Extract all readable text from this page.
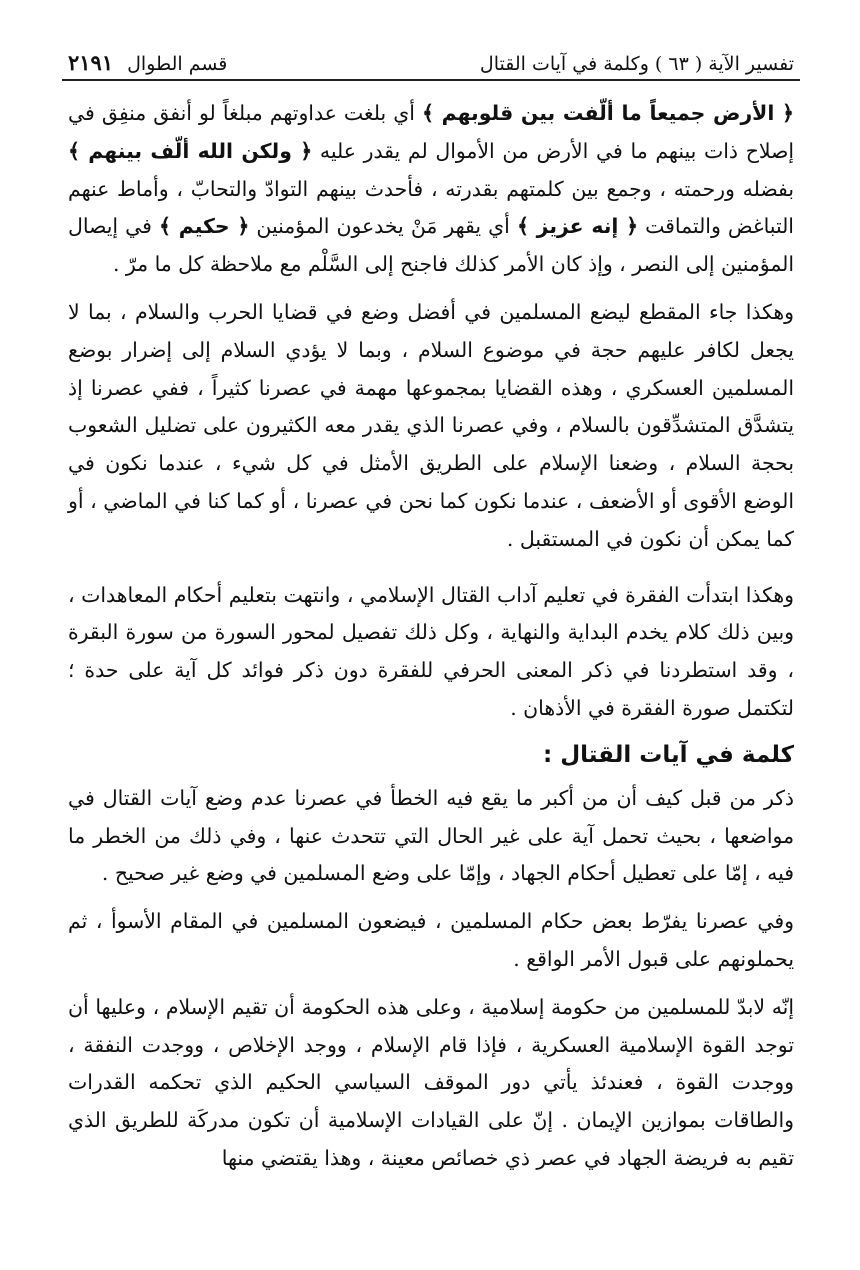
تفسير الآية ( ٦٣ ) وكلمة في آيات القتال
قسم الطوال
٢١٩١

﴿ الأرض جميعاً ما ألّفت بين قلوبهم ﴾ أي بلغت عداوتهم مبلغاً لو أنفق منفِق في إصلاح ذات بينهم ما في الأرض من الأموال لم يقدر عليه ﴿ ولكن الله ألّف بينهم ﴾ بفضله ورحمته ، وجمع بين كلمتهم بقدرته ، فأحدث بينهم التوادّ والتحابّ ، وأماط عنهم التباغض والتماقت ﴿ إنه عزيز ﴾ أي يقهر مَنْ يخدعون المؤمنين ﴿ حكيم ﴾ في إيصال المؤمنين إلى النصر ، وإذ كان الأمر كذلك فاجنح إلى السَّلْم مع ملاحظة كل ما مرّ .

وهكذا جاء المقطع ليضع المسلمين في أفضل وضع في قضايا الحرب والسلام ، بما لا يجعل لكافر عليهم حجة في موضوع السلام ، وبما لا يؤدي السلام إلى إضرار بوضع المسلمين العسكري ، وهذه القضايا بمجموعها مهمة في عصرنا كثيراً ، ففي عصرنا إذ يتشدَّق المتشدِّقون بالسلام ، وفي عصرنا الذي يقدر معه الكثيرون على تضليل الشعوب بحجة السلام ، وضعنا الإسلام على الطريق الأمثل في كل شيء ، عندما نكون في الوضع الأقوى أو الأضعف ، عندما نكون كما نحن في عصرنا ، أو كما كنا في الماضي ، أو كما يمكن أن نكون في المستقبل .

وهكذا ابتدأت الفقرة في تعليم آداب القتال الإسلامي ، وانتهت بتعليم أحكام المعاهدات ، وبين ذلك كلام يخدم البداية والنهاية ، وكل ذلك تفصيل لمحور السورة من سورة البقرة ، وقد استطردنا في ذكر المعنى الحرفي للفقرة دون ذكر فوائد كل آية على حدة ؛ لتكتمل صورة الفقرة في الأذهان .

كلمة في آيات القتال :

ذكر من قبل كيف أن من أكبر ما يقع فيه الخطأ في عصرنا عدم وضع آيات القتال في مواضعها ، بحيث تحمل آية على غير الحال التي تتحدث عنها ، وفي ذلك من الخطر ما فيه ، إمّا على تعطيل أحكام الجهاد ، وإمّا على وضع المسلمين في وضع غير صحيح .

وفي عصرنا يفرّط بعض حكام المسلمين ، فيضعون المسلمين في المقام الأسوأ ، ثم يحملونهم على قبول الأمر الواقع .

إنّه لابدّ للمسلمين من حكومة إسلامية ، وعلى هذه الحكومة أن تقيم الإسلام ، وعليها أن توجد القوة الإسلامية العسكرية ، فإذا قام الإسلام ، ووجد الإخلاص ، ووجدت النفقة ، ووجدت القوة ، فعندئذ يأتي دور الموقف السياسي الحكيم الذي تحكمه القدرات والطاقات بموازين الإيمان . إنّ على القيادات الإسلامية أن تكون مدركَة للطريق الذي تقيم به فريضة الجهاد في عصر ذي خصائص معينة ، وهذا يقتضي منها
